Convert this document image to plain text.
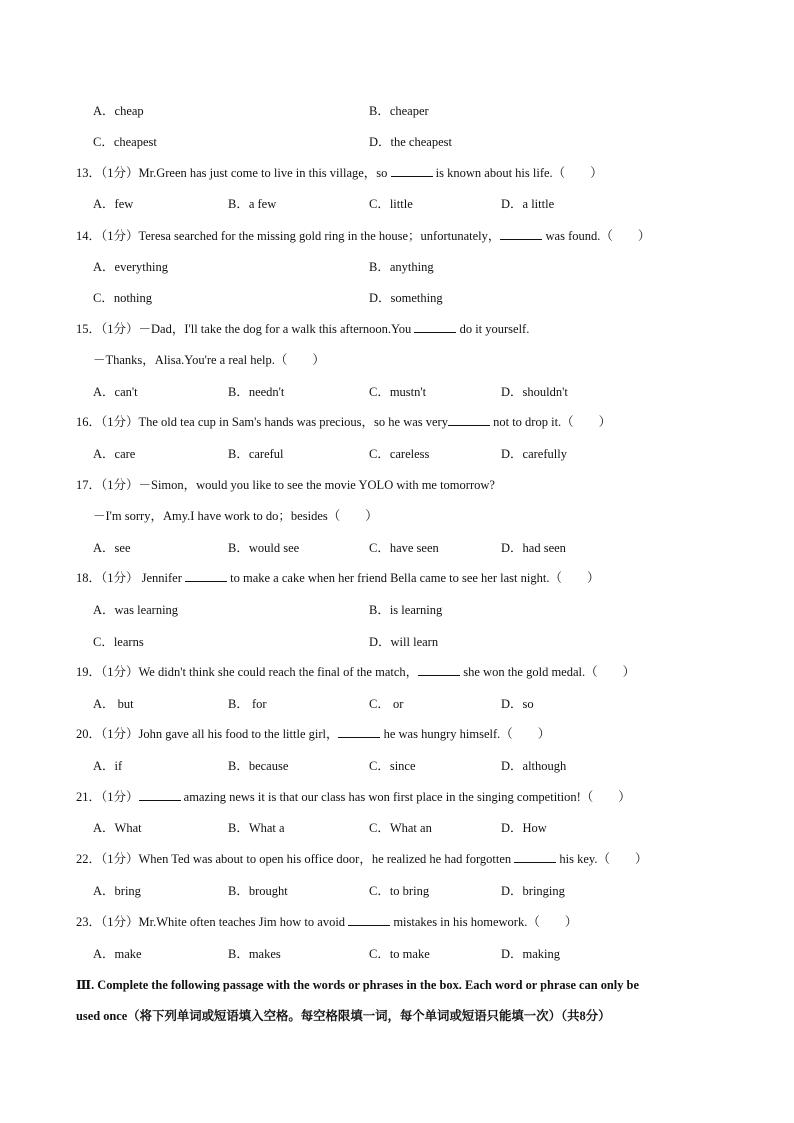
A．cheap	B．cheaper
C．cheapest	D．the cheapest
13．（1分）Mr.Green has just come to live in this village，so	is known about his life.（　　）
A．few	B．a few	C．little	D．a little
14．（1分）Teresa searched for the missing gold ring in the house；unfortunately，	was found.（　　）
A．everything	B．anything
C．nothing	D．something
15．（1分）－Dad，I'll take the dog for a walk this afternoon.You	do it yourself.
－Thanks，Alisa.You're a real help.（　　）
A．can't	B．needn't	C．mustn't	D．shouldn't
16．（1分）The old tea cup in Sam's hands was precious，so he was very	not to drop it.（　　）
A．care	B．careful	C．careless	D．carefully
17．（1分）－Simon，would you like to see the movie YOLO with me tomorrow?
－I'm sorry，Amy.I have work to do；besides（　　）
A．see	B．would see	C．have seen	D．had seen
18．（1分） Jennifer	to make a cake when her friend Bella came to see her last night.（　　）
A．was learning	B．is learning
C．learns	D．will learn
19．（1分）We didn't think she could reach the final of the match，	she won the gold medal.（　　）
A． but	B． for	C． or	D．so
20．（1分）John gave all his food to the little girl，	he was hungry himself.（　　）
A．if	B．because	C．since	D．although
21．（1分）	amazing news it is that our class has won first place in the singing competition!（　　）
A．What	B．What a	C．What an	D．How
22．（1分）When Ted was about to open his office door，he realized he had forgotten	his key.（　　）
A．bring	B．brought	C．to bring	D．bringing
23．（1分）Mr.White often teaches Jim how to avoid	mistakes in his homework.（　　）
A．make	B．makes	C．to make	D．making
Ⅲ. Complete the following passage with the words or phrases in the box. Each word or phrase can only be
used once（将下列单词或短语填入空格。每空格限填一词，每个单词或短语只能填一次）（共8分）
